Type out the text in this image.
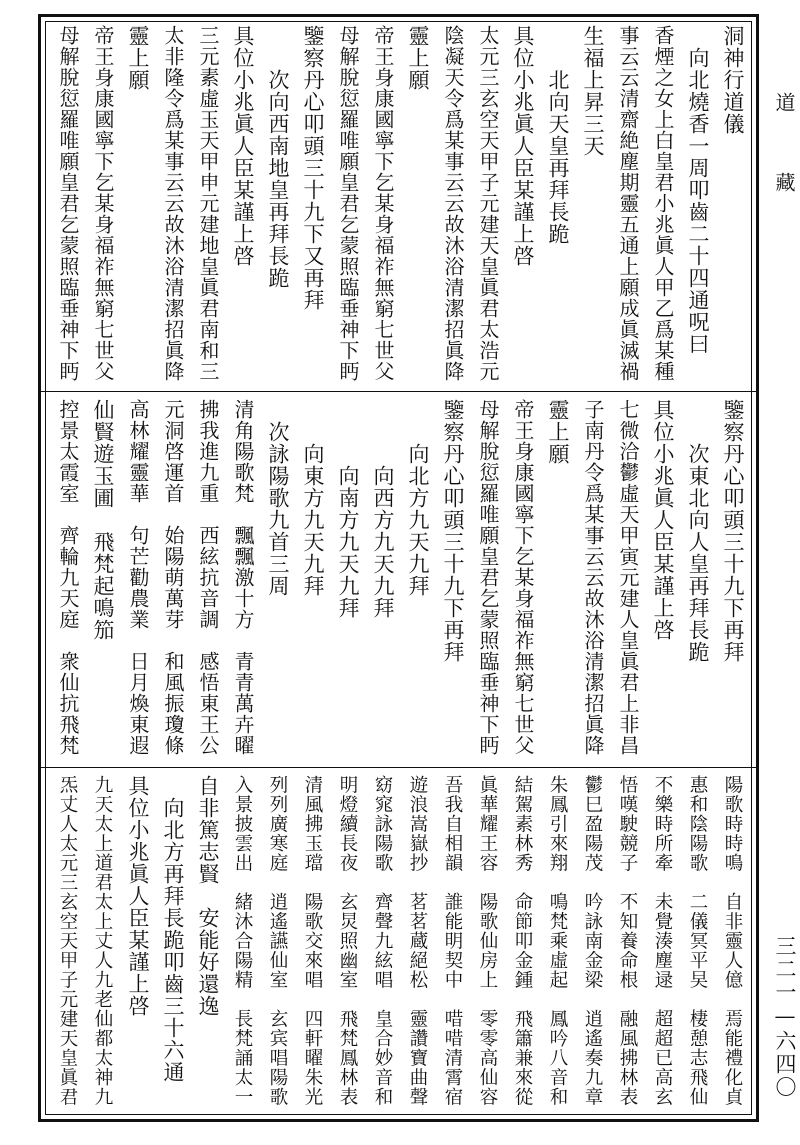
洞神行道儀
　向北燒香一周叩齒二十四通呪曰
香煙之女上白皇君小兆眞人甲乙爲某種
事云云清齋絶塵期靈五通上願成眞滅禍
生福上昇三天
　　北向天皇再拜長跪
具位小兆眞人臣某謹上啓
太元三玄空天甲子元建天皇眞君太浩元
陰凝天令爲某事云云故沐浴清潔招眞降
靈上願
帝王身康國寧下乞某身福祚無窮七世父
母解脫愆羅唯願皇君乞蒙照臨垂神下眄
鑒察丹心叩頭三十九下又再拜
　　次向西南地皇再拜長跪
具位小兆眞人臣某謹上啓
三元素虛玉天甲申元建地皇眞君南和三
太非隆令爲某事云云故沐浴清潔招眞降
靈上願
帝王身康國寧下乞某身福祚無窮七世父
母解脫愆羅唯願皇君乞蒙照臨垂神下眄
鑒察丹心叩頭三十九下再拜
　　次東北向人皇再拜長跪
具位小兆眞人臣某謹上啓
七微洽鬱虛天甲寅元建人皇眞君上非昌
子南丹令爲某事云云故沐浴清潔招眞降
靈上願
帝王身康國寧下乞某身福祚無窮七世父
母解脫愆羅唯願皇君乞蒙照臨垂神下眄
鑒察丹心叩頭三十九下再拜
　　向北方九天九拜
　　　向西方九天九拜
　　　向南方九天九拜
　　向東方九天九拜
　次詠陽歌九首三周
清角陽歌梵　飄飄激十方　青青萬卉曜
拂我進九重　西絃抗音調　感悟東王公
元洞啓運首　始陽萌萬芽　和風振瓊條
高林耀靈華　句芒勸農業　日月煥東遐
仙賢遊玉圃　飛梵起鳴笳
控景太霞室　齊輪九天庭　衆仙抗飛梵
陽歌時時鳴　自非靈人億　焉能禮化貞
惠和陰陽歌　二儀冥平旲　棲憩志飛仙
不樂時所牽　未覺湊塵逯　超超已高玄
悟嘆駛競子　不知養命根　融風拂林表
鬱巳盈陽茂　吟詠南金梁　逍遙奏九章
朱鳳引來翔　鳴梵乘虛起　鳳吟八音和
結駕素林秀　命節叩金鍾　飛簫兼來從
眞華耀王容　陽歌仙房上　零零高仙容
吾我自相韻　誰能明契中　唶唶清霄宿
遊浪嵩嶽抄　茗茗蔵絕松　靈讚寶曲聲
窈窕詠陽歌　齊聲九絃唱　皇合妙音和
明燈續長夜　玄炅照幽室　飛梵鳳林表
清風拂玉璫　陽歌交來唱　四軒曜朱光
列列廣寒庭　逍遙讌仙室　玄宾唱陽歌
入景披雲出　緒沐合陽精　長梵誦太一
自非篤志賢　安能好還逸
　向北方再拜長跪叩齒三十六通
具位小兆眞人臣某謹上啓
九天太上道君太上丈人九老仙都太神九
炁丈人太元三玄空天甲子元建天皇眞君
道
藏
三二一—六四〇
